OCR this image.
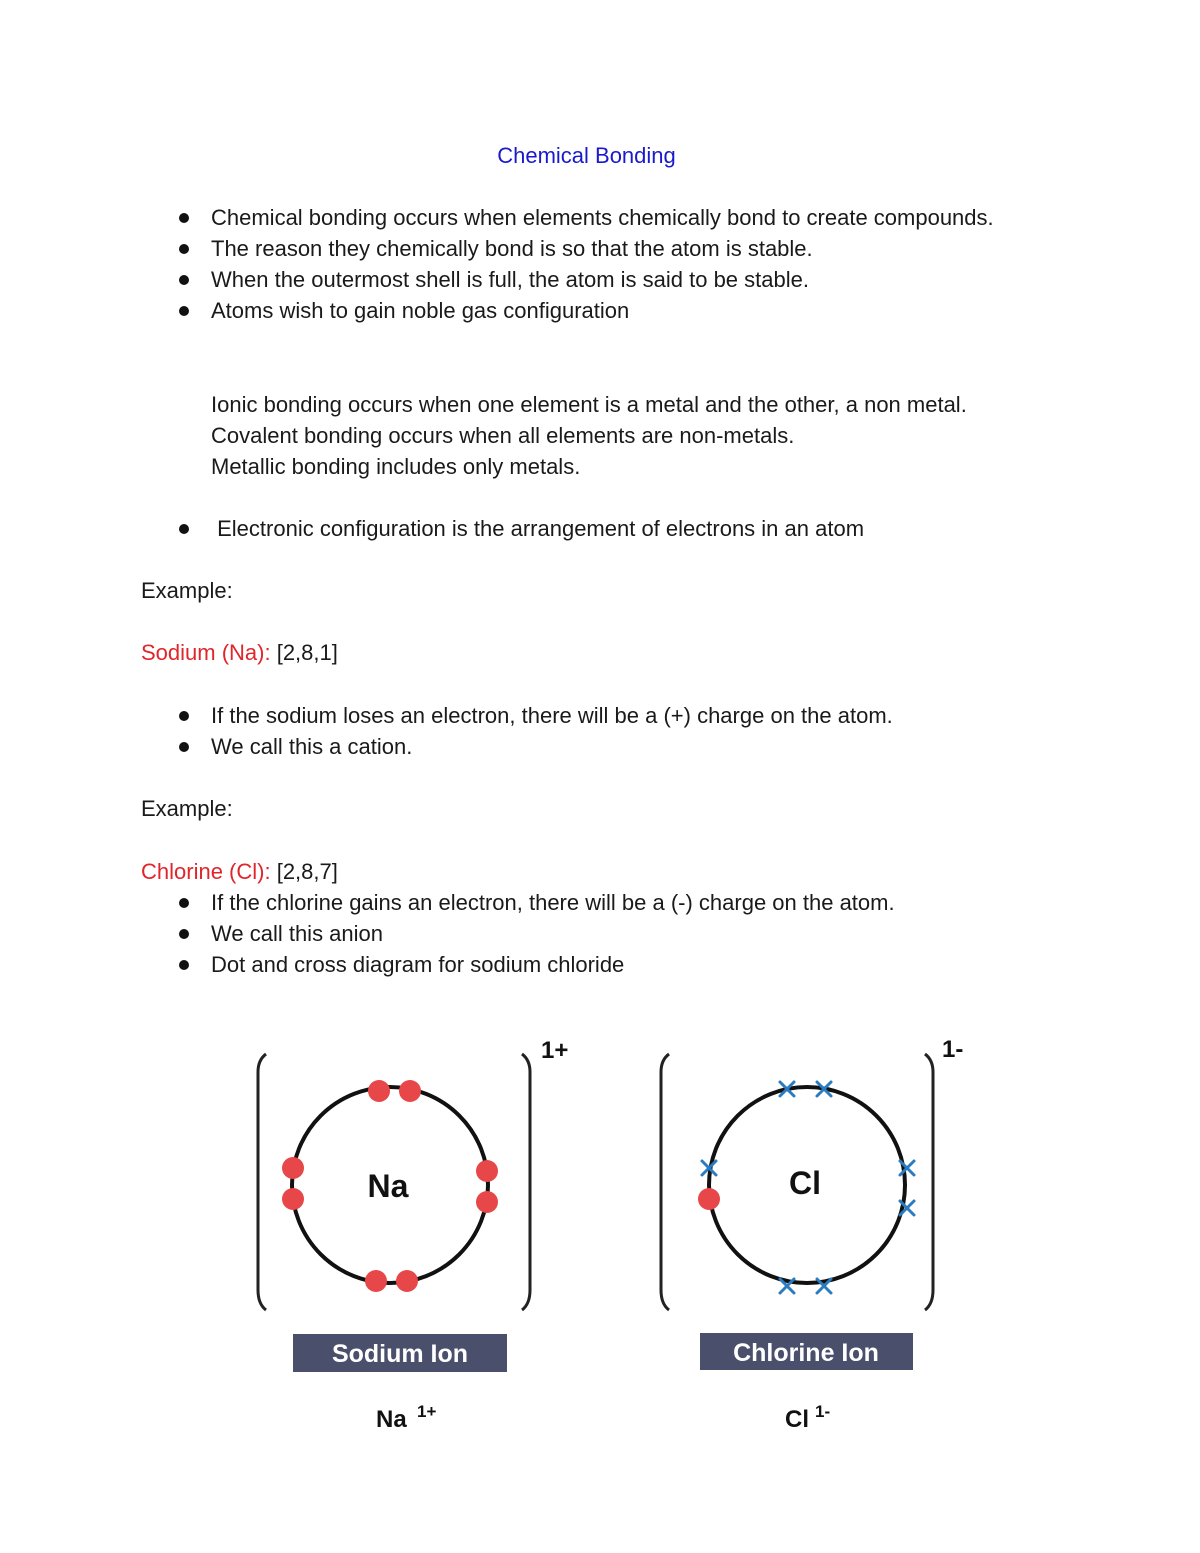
Chemical Bonding
Chemical bonding occurs when elements chemically bond to create compounds.
The reason they chemically bond is so that the atom is stable.
When the outermost shell is full, the atom is said to be stable.
Atoms wish to gain noble gas configuration
Ionic bonding occurs when one element is a metal and the other, a non metal.
Covalent bonding occurs when all elements are non-metals.
Metallic bonding includes only metals.
Electronic configuration is the arrangement of electrons in an atom
Example:
Sodium (Na): [2,8,1]
If the sodium loses an electron, there will be a (+) charge on the atom.
We call this a cation.
Example:
Chlorine (Cl): [2,8,7]
If the chlorine gains an electron, there will be a (-) charge on the atom.
We call this anion
Dot and cross diagram for sodium chloride
Na
1+
Sodium Ion
Na 1+
Cl
1-
Chlorine Ion
Cl 1-
